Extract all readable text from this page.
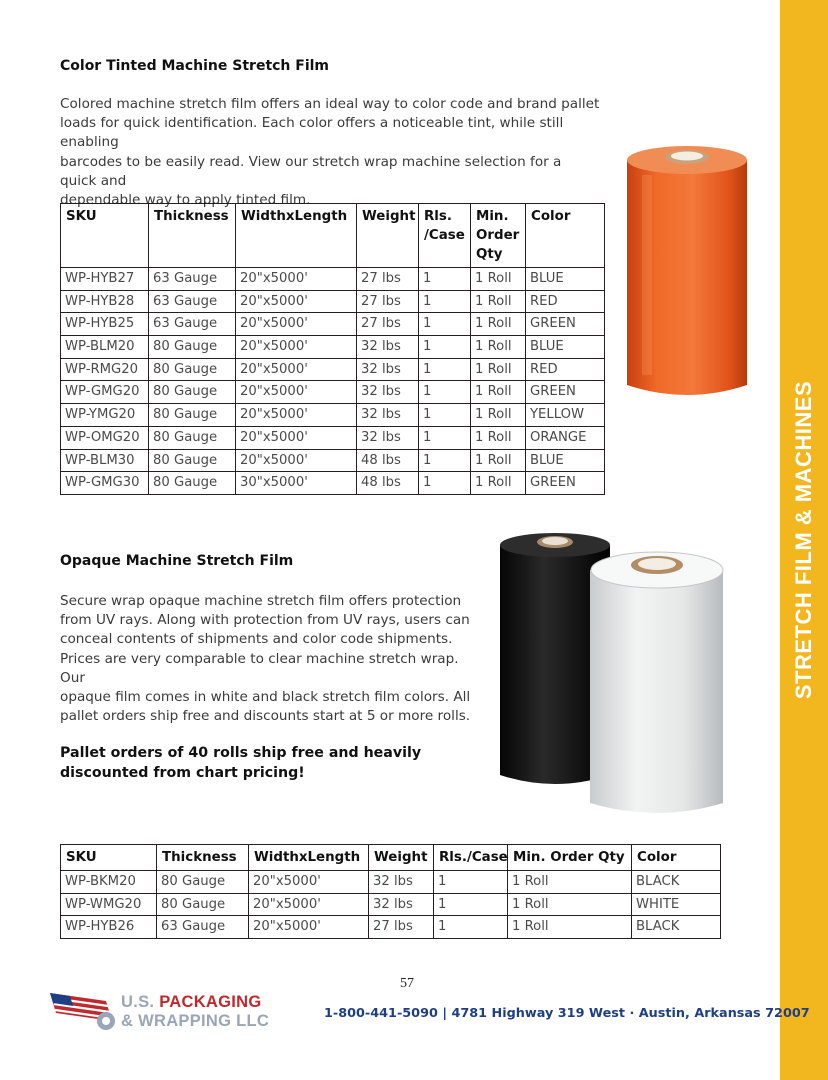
STRETCH FILM & MACHINES
Color Tinted Machine Stretch Film
Colored machine stretch film offers an ideal way to color code and brand pallet
loads for quick identification. Each color offers a noticeable tint, while still enabling
barcodes to be easily read. View our stretch wrap machine selection for a quick and
dependable way to apply tinted film.
SKU	Thickness	WidthxLength	Weight	Rls. /Case	Min. Order Qty	Color
WP-HYB27	63 Gauge	20"x5000'	27 lbs	1	1 Roll	BLUE
WP-HYB28	63 Gauge	20"x5000'	27 lbs	1	1 Roll	RED
WP-HYB25	63 Gauge	20"x5000'	27 lbs	1	1 Roll	GREEN
WP-BLM20	80 Gauge	20"x5000'	32 lbs	1	1 Roll	BLUE
WP-RMG20	80 Gauge	20"x5000'	32 lbs	1	1 Roll	RED
WP-GMG20	80 Gauge	20"x5000'	32 lbs	1	1 Roll	GREEN
WP-YMG20	80 Gauge	20"x5000'	32 lbs	1	1 Roll	YELLOW
WP-OMG20	80 Gauge	20"x5000'	32 lbs	1	1 Roll	ORANGE
WP-BLM30	80 Gauge	20"x5000'	48 lbs	1	1 Roll	BLUE
WP-GMG30	80 Gauge	30"x5000'	48 lbs	1	1 Roll	GREEN
Opaque Machine Stretch Film
Secure wrap opaque machine stretch film offers protection
from UV rays. Along with protection from UV rays, users can
conceal contents of shipments and color code shipments.
Prices are very comparable to clear machine stretch wrap. Our
opaque film comes in white and black stretch film colors. All
pallet orders ship free and discounts start at 5 or more rolls.
Pallet orders of 40 rolls ship free and heavily
discounted from chart pricing!
SKU	Thickness	WidthxLength	Weight	Rls./Case	Min. Order Qty	Color
WP-BKM20	80 Gauge	20"x5000'	32 lbs	1	1 Roll	BLACK
WP-WMG20	80 Gauge	20"x5000'	32 lbs	1	1 Roll	WHITE
WP-HYB26	63 Gauge	20"x5000'	27 lbs	1	1 Roll	BLACK
57
U.S. PACKAGING
& WRAPPING LLC	1-800-441-5090 | 4781 Highway 319 West · Austin, Arkansas 72007
